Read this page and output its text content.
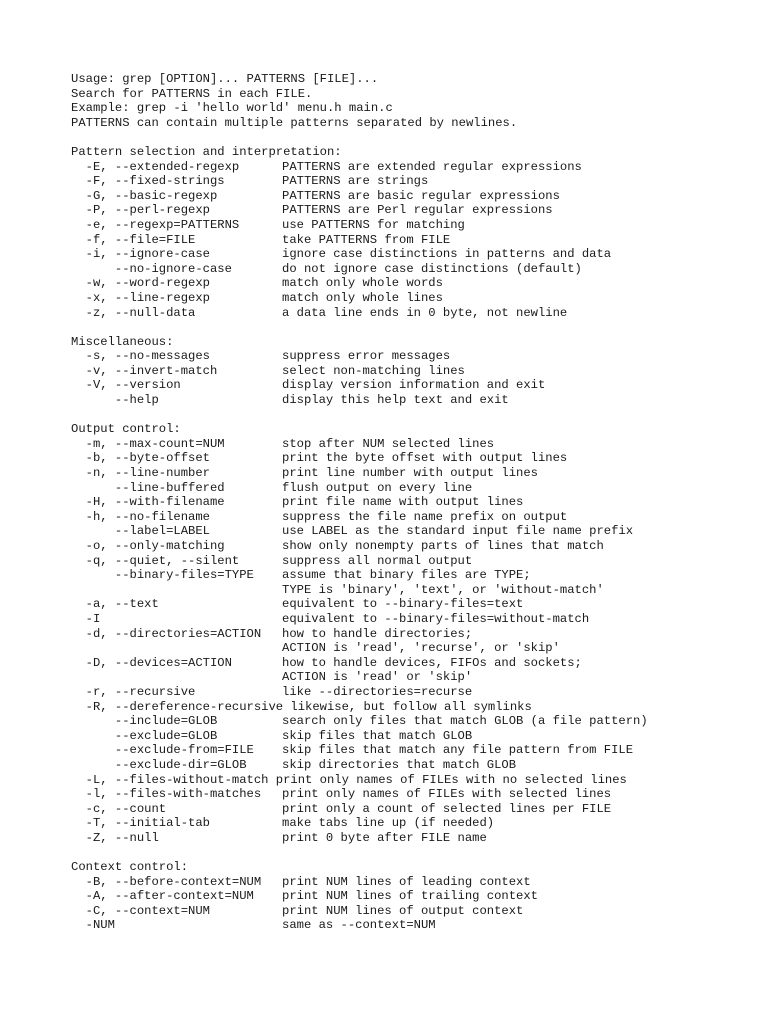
Usage: grep [OPTION]... PATTERNS [FILE]...
Search for PATTERNS in each FILE.
Example: grep -i 'hello world' menu.h main.c
PATTERNS can contain multiple patterns separated by newlines.
Pattern selection and interpretation:
-E, --extended-regexp	PATTERNS are extended regular expressions
-F, --fixed-strings	PATTERNS are strings
-G, --basic-regexp	PATTERNS are basic regular expressions
-P, --perl-regexp	PATTERNS are Perl regular expressions
-e, --regexp=PATTERNS	use PATTERNS for matching
-f, --file=FILE	take PATTERNS from FILE
-i, --ignore-case	ignore case distinctions in patterns and data
--no-ignore-case	do not ignore case distinctions (default)
-w, --word-regexp	match only whole words
-x, --line-regexp	match only whole lines
-z, --null-data	a data line ends in 0 byte, not newline
Miscellaneous:
-s, --no-messages	suppress error messages
-v, --invert-match	select non-matching lines
-V, --version	display version information and exit
--help	display this help text and exit
Output control:
-m, --max-count=NUM	stop after NUM selected lines
-b, --byte-offset	print the byte offset with output lines
-n, --line-number	print line number with output lines
--line-buffered	flush output on every line
-H, --with-filename	print file name with output lines
-h, --no-filename	suppress the file name prefix on output
--label=LABEL	use LABEL as the standard input file name prefix
-o, --only-matching	show only nonempty parts of lines that match
-q, --quiet, --silent	suppress all normal output
--binary-files=TYPE assume that binary files are TYPE;
TYPE is 'binary', 'text', or 'without-match'
-a, --text	equivalent to --binary-files=text
-I	equivalent to --binary-files=without-match
-d, --directories=ACTION how to handle directories;
ACTION is 'read', 'recurse', or 'skip'
-D, --devices=ACTION	how to handle devices, FIFOs and sockets;
ACTION is 'read' or 'skip'
-r, --recursive	like --directories=recurse
-R, --dereference-recursive likewise, but follow all symlinks
--include=GLOB	search only files that match GLOB (a file pattern)
--exclude=GLOB	skip files that match GLOB
--exclude-from=FILE skip files that match any file pattern from FILE
--exclude-dir=GLOB	skip directories that match GLOB
-L, --files-without-match print only names of FILEs with no selected lines
-l, --files-with-matches print only names of FILEs with selected lines
-c, --count	print only a count of selected lines per FILE
-T, --initial-tab	make tabs line up (if needed)
-Z, --null	print 0 byte after FILE name
Context control:
-B, --before-context=NUM print NUM lines of leading context
-A, --after-context=NUM print NUM lines of trailing context
-C, --context=NUM	print NUM lines of output context
-NUM	same as --context=NUM
